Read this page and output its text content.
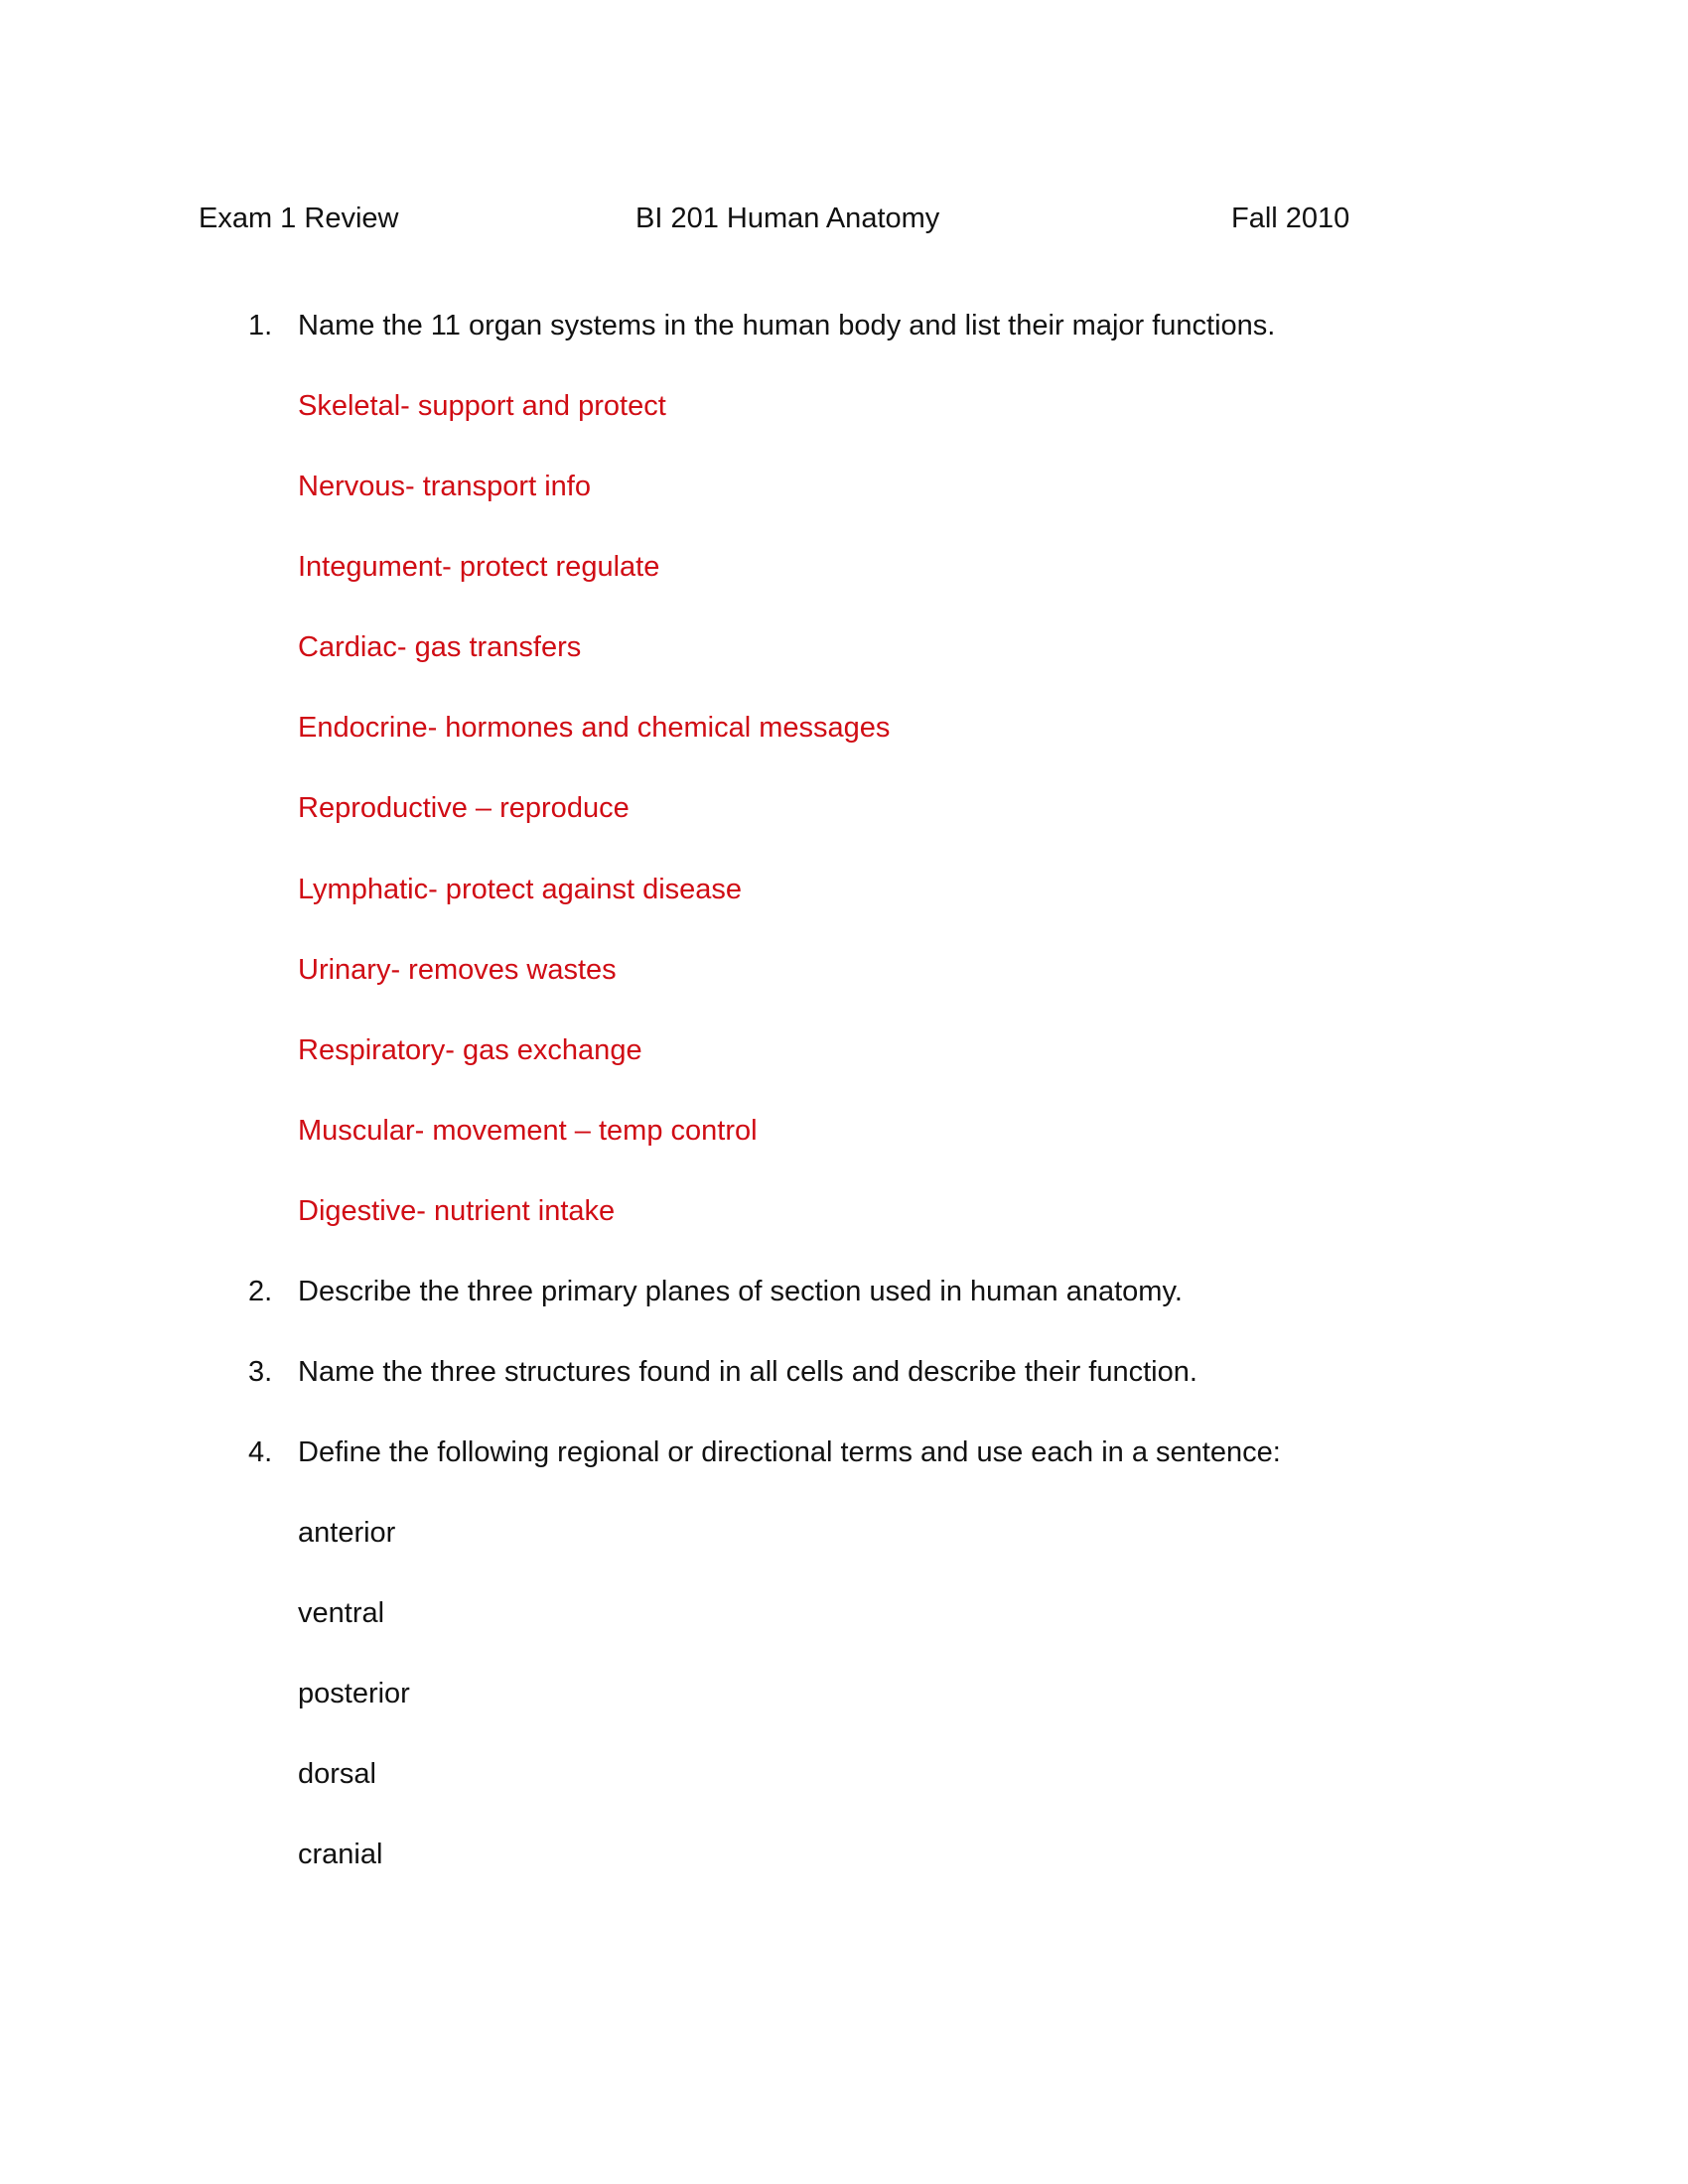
Exam 1 Review	BI 201 Human Anatomy	Fall 2010
1. Name the 11 organ systems in the human body and list their major functions.
Skeletal- support and protect
Nervous- transport info
Integument- protect regulate
Cardiac- gas transfers
Endocrine- hormones and chemical messages
Reproductive – reproduce
Lymphatic- protect against disease
Urinary- removes wastes
Respiratory- gas exchange
Muscular- movement – temp control
Digestive- nutrient intake
2. Describe the three primary planes of section used in human anatomy.
3. Name the three structures found in all cells and describe their function.
4. Define the following regional or directional terms and use each in a sentence:
anterior
ventral
posterior
dorsal
cranial
